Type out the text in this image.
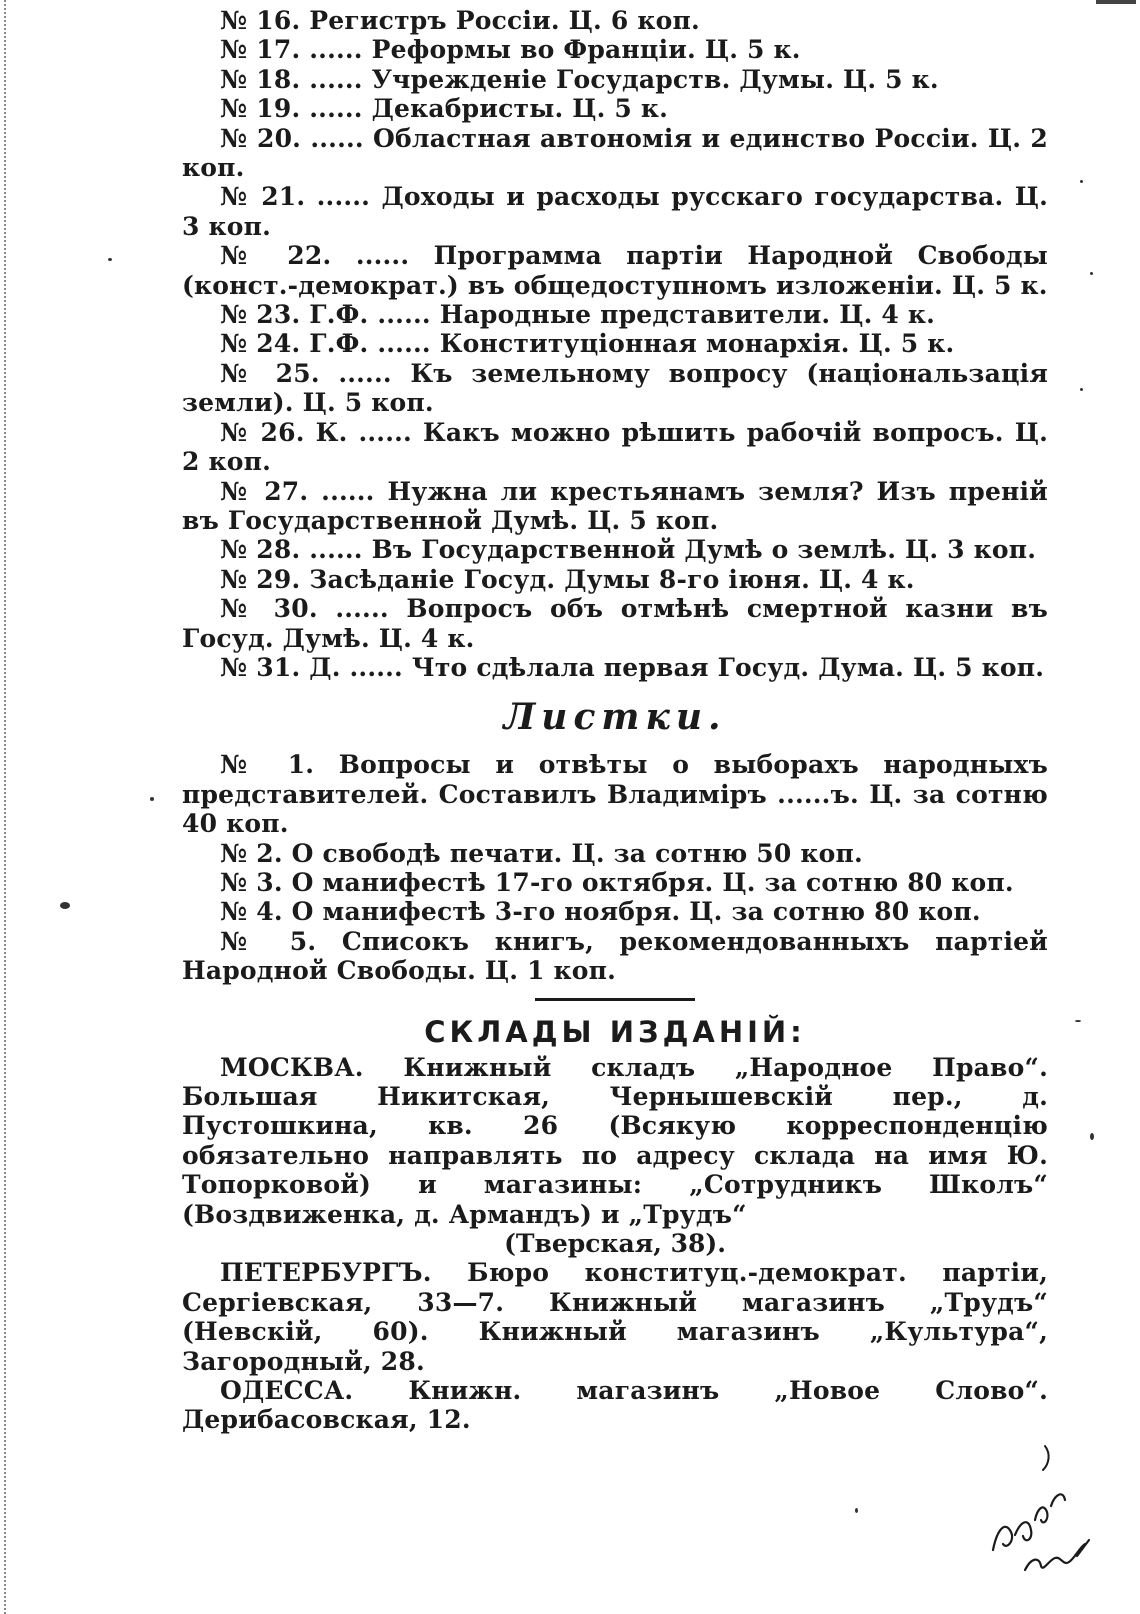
№ 16. Регистръ Россіи. Ц. 6 коп.

№ 17. ...... Реформы во Франціи. Ц. 5 к.

№ 18. ...... Учрежденіе Государств. Думы. Ц. 5 к.

№ 19. ...... Декабристы. Ц. 5 к.

№ 20. ...... Областная автономія и единство Россіи. Ц. 2 коп.

№ 21. ...... Доходы и расходы русскаго государства. Ц. 3 коп.

№ 22. ...... Программа партіи Народной Свободы (конст.-демократ.) въ общедоступномъ изложеніи. Ц. 5 к.

№ 23. Г.Ф. ...... Народные представители. Ц. 4 к.

№ 24. Г.Ф. ...... Конституціонная монархія. Ц. 5 к.

№ 25. ...... Къ земельному вопросу (національзація земли). Ц. 5 коп.

№ 26. К. ...... Какъ можно рѣшить рабочій вопросъ. Ц. 2 коп.

№ 27. ...... Нужна ли крестьянамъ земля? Изъ преній въ Государственной Думѣ. Ц. 5 коп.

№ 28. ...... Въ Государственной Думѣ о землѣ. Ц. 3 коп.

№ 29. Засѣданіе Госуд. Думы 8-го іюня. Ц. 4 к.

№ 30. ...... Вопросъ объ отмѣнѣ смертной казни въ Госуд. Думѣ. Ц. 4 к.

№ 31. Д. ...... Что сдѣлала первая Госуд. Дума. Ц. 5 коп.

Листки.

№ 1. Вопросы и отвѣты о выборахъ народныхъ представителей. Составилъ Владиміръ ......ъ. Ц. за сотню 40 коп.

№ 2. О свободѣ печати. Ц. за сотню 50 коп.

№ 3. О манифестѣ 17-го октября. Ц. за сотню 80 коп.

№ 4. О манифестѣ 3-го ноября. Ц. за сотню 80 коп.

№ 5. Списокъ книгъ, рекомендованныхъ партіей Народной Свободы. Ц. 1 коп.

СКЛАДЫ ИЗДАНІЙ:

МОСКВА. Книжный складъ „Народное Право“. Большая Никитская, Чернышевскій пер., д. Пустошкина, кв. 26 (Всякую корреспонденцію обязательно направлять по адресу склада на имя Ю. Топорковой) и магазины: „Сотрудникъ Школъ“ (Воздвиженка, д. Армандъ) и „Трудъ“

(Тверская, 38).

ПЕТЕРБУРГЪ. Бюро конституц.-демократ. партіи, Сергіевская, 33—7. Книжный магазинъ „Трудъ“ (Невскій, 60). Книжный магазинъ „Культура“, Загородный, 28.

ОДЕССА. Книжн. магазинъ „Новое Слово“. Дерибасовская, 12.
